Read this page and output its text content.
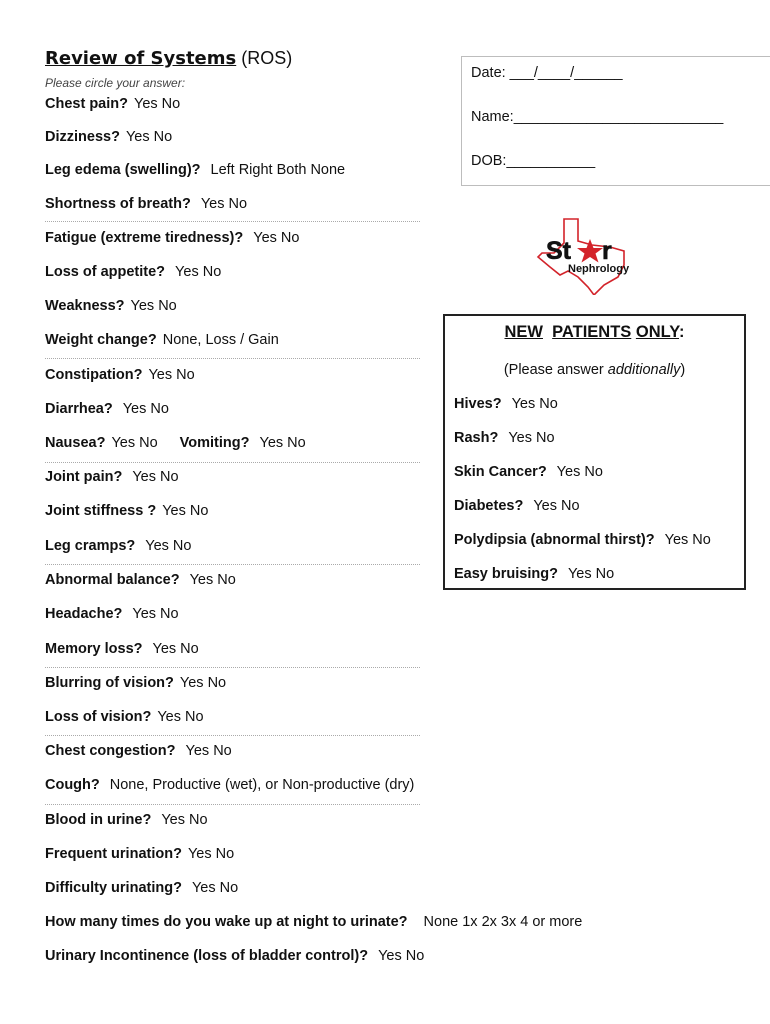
Review of Systems (ROS)
Please circle your answer:
Date: ___/____/______
Name:__________________________
DOB:___________
St r
Nephrology
Chest pain? Yes No
Dizziness? Yes No
Leg edema (swelling)? Left Right Both None
Shortness of breath? Yes No
Fatigue (extreme tiredness)? Yes No
Loss of appetite? Yes No
Weakness? Yes No
Weight change? None, Loss / Gain
Constipation? Yes No
Diarrhea? Yes No
Nausea? Yes No Vomiting? Yes No
Joint pain? Yes No
Joint stiffness ? Yes No
Leg cramps? Yes No
Abnormal balance? Yes No
Headache? Yes No
Memory loss? Yes No
Blurring of vision? Yes No
Loss of vision? Yes No
Chest congestion? Yes No
Cough? None, Productive (wet), or Non-productive (dry)
Blood in urine? Yes No
Frequent urination? Yes No
Difficulty urinating? Yes No
How many times do you wake up at night to urinate? None 1x 2x 3x 4 or more
Urinary Incontinence (loss of bladder control)? Yes No
NEW PATIENTS ONLY:
(Please answer additionally)
Hives? Yes No
Rash? Yes No
Skin Cancer? Yes No
Diabetes? Yes No
Polydipsia (abnormal thirst)? Yes No
Easy bruising? Yes No
